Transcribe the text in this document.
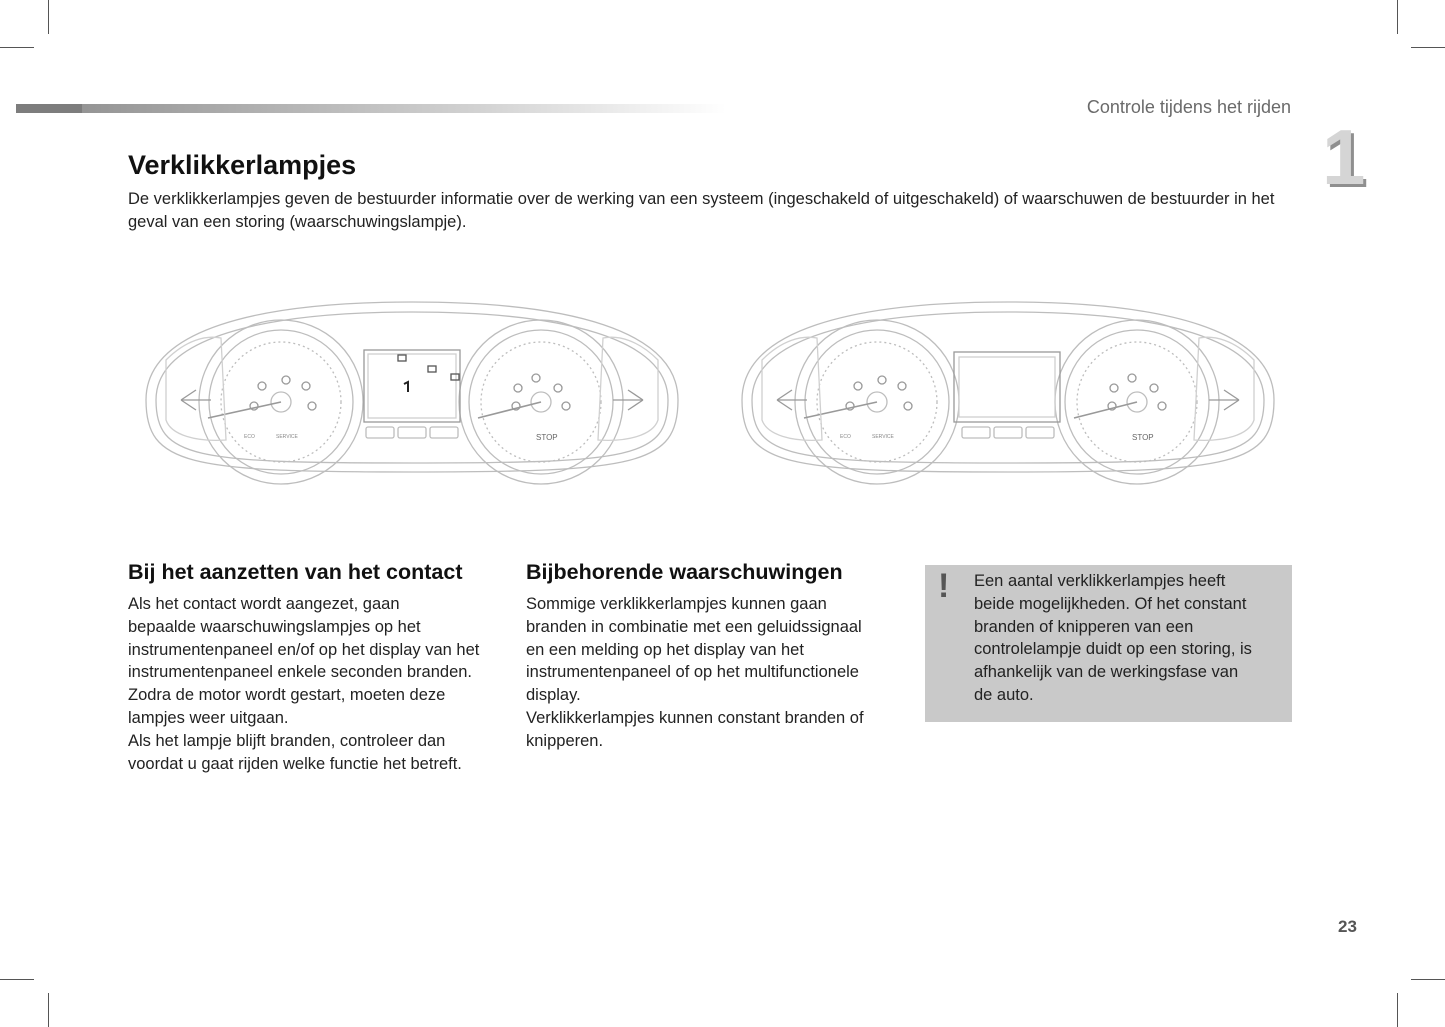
Controle tijdens het rijden
1
Verklikkerlampjes

De verklikkerlampjes geven de bestuurder informatie over de werking van een systeem (ingeschakeld of uitgeschakeld) of waarschuwen de bestuurder in het geval van een storing (waarschuwingslampje).

STOP
SERVICE
ECO	STOP
SERVICE
ECO
Bij het aanzetten van het contact

Als het contact wordt aangezet, gaan
bepaalde waarschuwingslampjes op het
instrumentenpaneel en/of op het display van het
instrumentenpaneel enkele seconden branden.
Zodra de motor wordt gestart, moeten deze
lampjes weer uitgaan.
Als het lampje blijft branden, controleer dan
voordat u gaat rijden welke functie het betreft.

Bijbehorende waarschuwingen

Sommige verklikkerlampjes kunnen gaan
branden in combinatie met een geluidssignaal
en een melding op het display van het
instrumentenpaneel of op het multifunctionele
display.
Verklikkerlampjes kunnen constant branden of
knipperen.

! Een aantal verklikkerlampjes heeft
beide mogelijkheden. Of het constant
branden of knipperen van een
controlelampje duidt op een storing, is
afhankelijk van de werkingsfase van
de auto.

23
